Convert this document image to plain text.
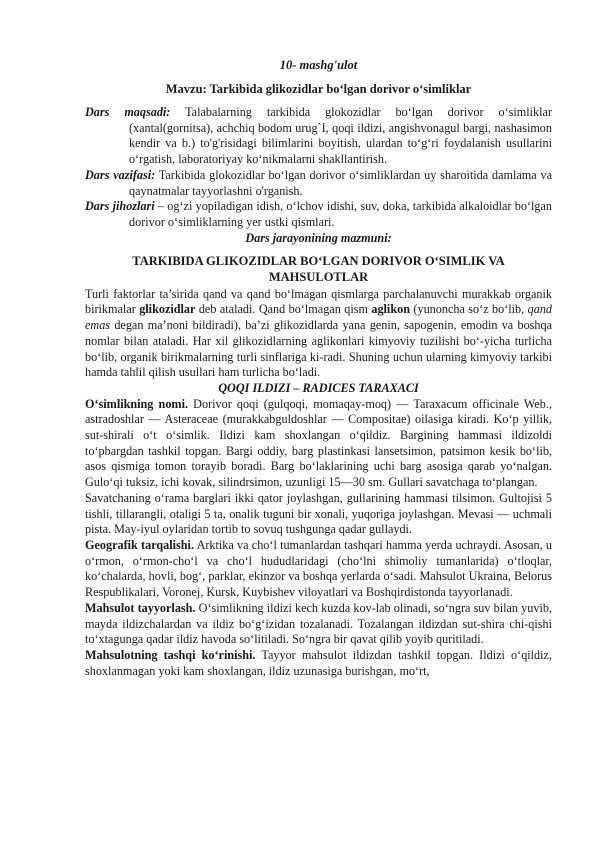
10- mashg'ulot
Mavzu: Tarkibida glikozidlar bo‘lgan dorivor o‘simliklar

Dars maqsadi: Talabalarning tarkibida glokozidlar bo‘lgan dorivor o‘simliklar (xantal(gornitsa), achchiq bodom urug`I, qoqi ildizi, angishvonagul bargi, nashasimon kendir va b.) to'g'risidagi bilimlarini boyitish, ulardan to‘g‘ri foydalanish usullarini o‘rgatish, laboratoriyay ko‘nikmalarni shakllantirish.

Dars vazifasi: Tarkibida glokozidlar bo‘lgan dorivor o‘simliklardan uy sharoitida damlama va qaynatmalar tayyorlashni o'rganish.

Dars jihozlari – og‘zi yopiladigan idish, o‘lchov idishi, suv, doka, tarkibida alkaloidlar bo‘lgan dorivor o‘simliklarning yer ustki qismlari.

Dars jarayonining mazmuni:
TARKIBIDA GLIKOZIDLAR BO‘LGAN DORIVOR O‘SIMLIK VA MAHSULOTLAR

Turli faktorlar ta’sirida qand va qand bo‘lmagan qismlarga parchalanuvchi murakkab organik birikmalar glikozidlar deb ataladi. Qand bo‘lmagan qism aglikon (yunoncha so‘z bo‘lib, qand emas degan ma’noni bildiradi), ba’zi glikozidlarda yana genin, sapogenin, emodin va boshqa nomlar bilan ataladi. Har xil glikozidlarning aglikonlari kimyoviy tuzilishi bo‘-yicha turlicha bo‘lib, organik birikmalarning turli sinflariga ki-radi. Shuning uchun ularning kimyoviy tarkibi hamda tahlil qilish usullari ham turlicha bo‘ladi.

QOQI ILDIZI – RADICES TARAXACI

O‘simlikning nomi. Dorivor qoqi (gulqoqi, momaqay-moq) — Taraxacum officinale Web., astradoshlar — Asteraceae (murakkabguldoshlar — Compositae) oilasiga kiradi. Ko‘p yillik, sut-shirali o‘t o‘simlik. Ildizi kam shoxlangan o‘qildiz. Bargining hammasi ildizoldi to‘pbargdan tashkil topgan. Bargi oddiy, barg plastinkasi lansetsimon, patsimon kesik bo‘lib, asos qismiga tomon torayib boradi. Barg bo‘laklarining uchi barg asosiga qarab yo‘nalgan. Gulo‘qi tuksiz, ichi kovak, silindrsimon, uzunligi 15—30 sm. Gullari savatchaga to‘plangan.

Savatchaning o‘rama barglari ikki qator joylashgan, gullarining hammasi tilsimon. Gultojisi 5 tishli, tillarangli, otaligi 5 ta, onalik tuguni bir xonali, yuqoriga joylashgan. Mevasi — uchmali pista. May-iyul oylaridan tortib to sovuq tushgunga qadar gullaydi.

Geografik tarqalishi. Arktika va cho‘l tumanlardan tashqari hamma yerda uchraydi. Asosan, u o‘rmon, o‘rmon-cho‘l va cho‘l hududlaridagi (cho‘lni shimoliy tumanlarida) o‘tloqlar, ko‘chalarda, hovli, bog‘, parklar, ekinzor va boshqa yerlarda o‘sadi. Mahsulot Ukraina, Belorus Respublikalari, Voronej, Kursk, Kuybishev viloyatlari va Boshqirdistonda tayyorlanadi.

Mahsulot tayyorlash. O‘simlikning ildizi kech kuzda kov-lab olinadi, so‘ngra suv bilan yuvib, mayda ildizchalardan va ildiz bo‘g‘izidan tozalanadi. Tozalangan ildizdan sut-shira chi-qishi to‘xtagunga qadar ildiz havoda so‘litiladi. So‘ngra bir qavat qilib yoyib quritiladi.

Mahsulotning tashqi ko‘rinishi. Tayyor mahsulot ildizdan tashkil topgan. Ildizi o‘qildiz, shoxlanmagan yoki kam shoxlangan, ildiz uzunasiga burishgan, mo‘rt,
